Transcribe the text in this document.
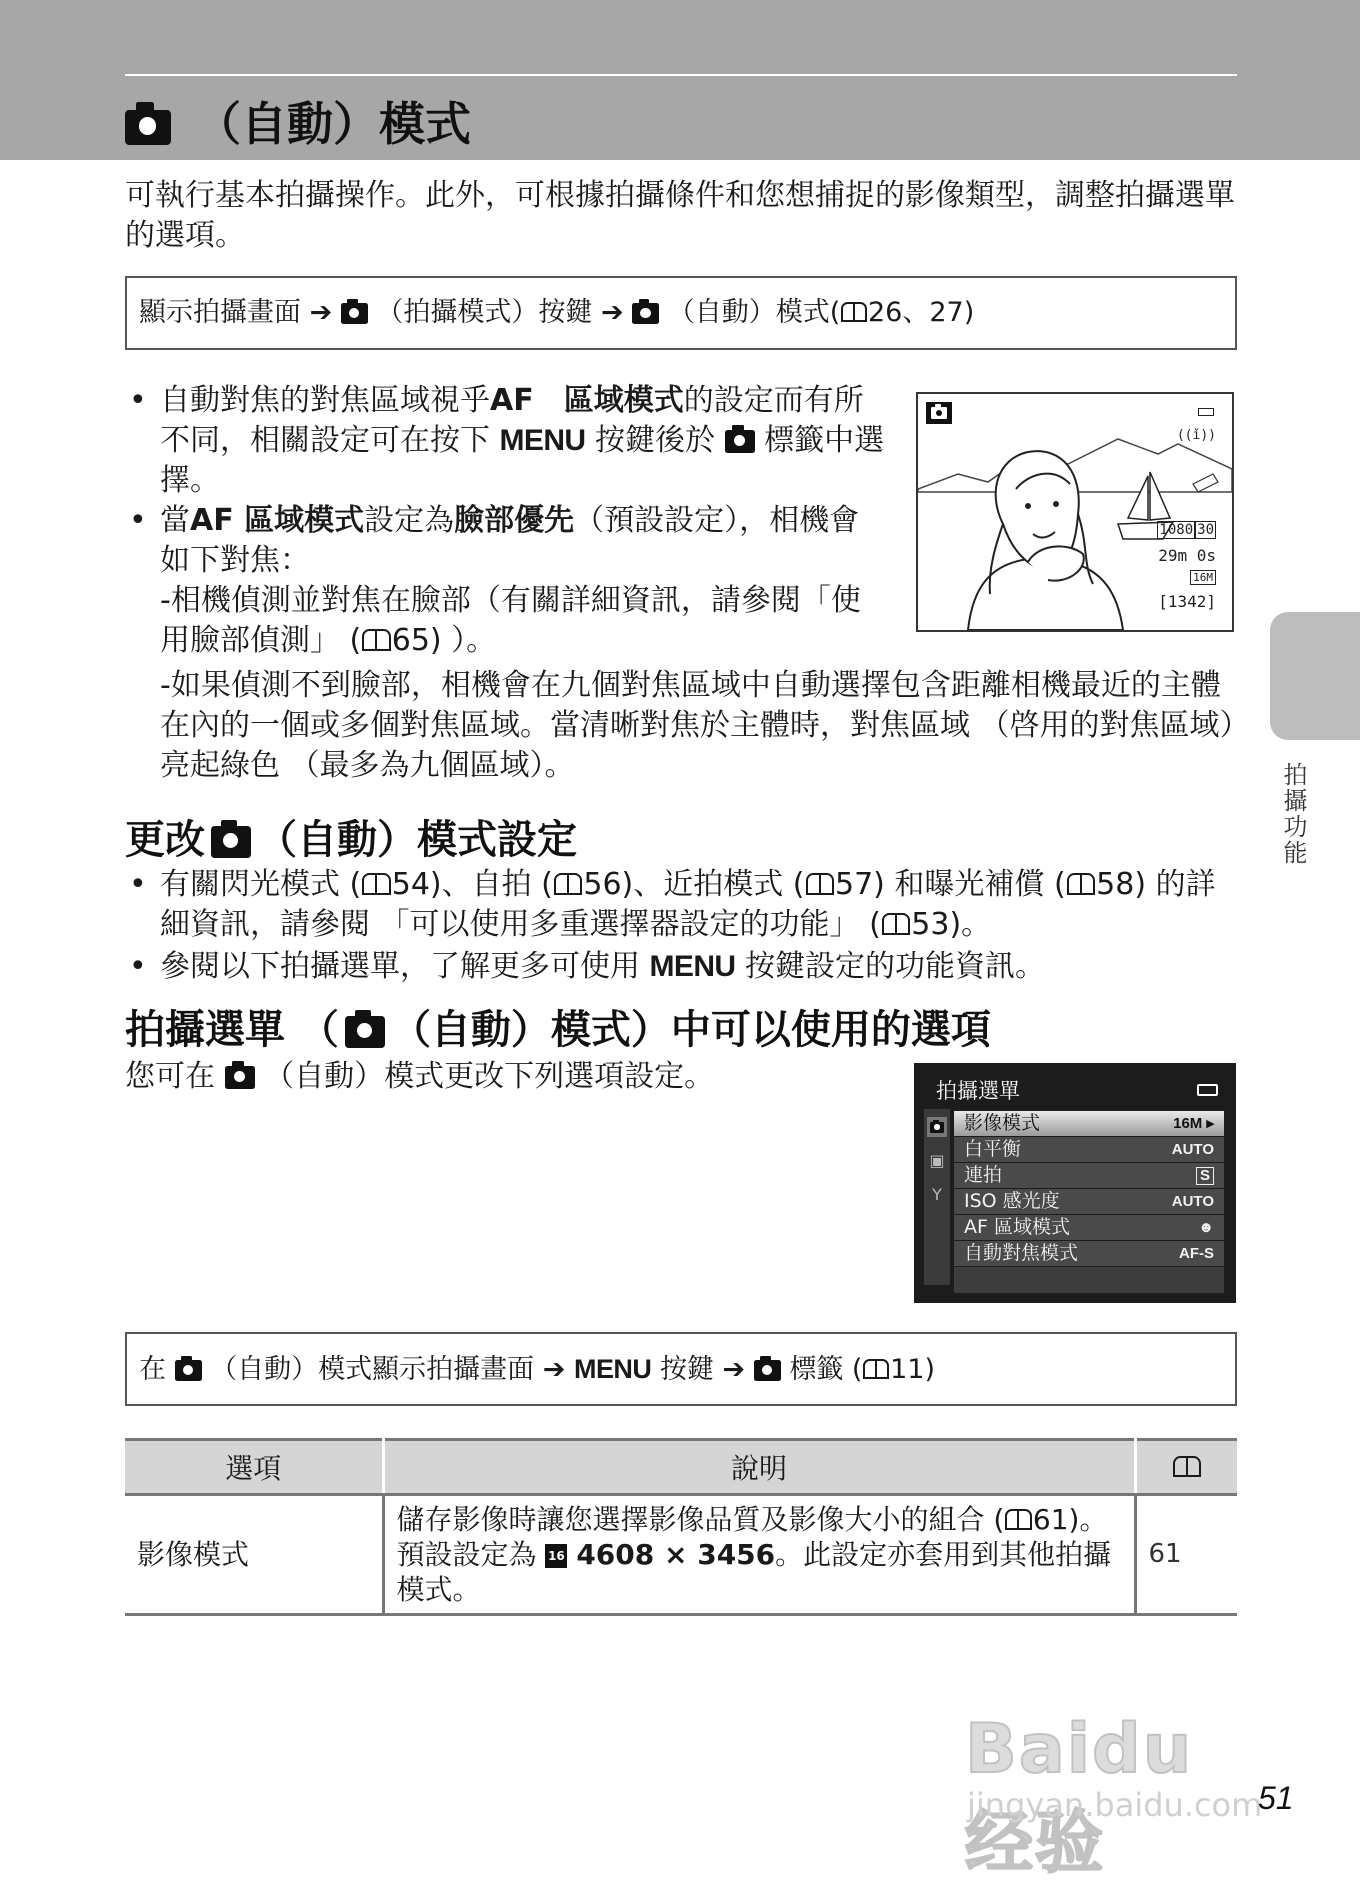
（自動）模式
可執行基本拍攝操作。此外，可根據拍攝條件和您想捕捉的影像類型，調整拍攝選單的選項。
顯示拍攝畫面 ➔ （拍攝模式）按鍵 ➔ （自動）模式( 26、27)
• 自動對焦的對焦區域視乎AF　區域模式的設定而有所不同，相關設定可在按下 MENU 按鍵後於 標籤中選擇。
• 當AF 區域模式設定為臉部優先（預設設定），相機會如下對焦：
-相機偵測並對焦在臉部（有關詳細資訊，請參閱「使用臉部偵測」 ( 65) ）。
-如果偵測不到臉部，相機會在九個對焦區域中自動選擇包含距離相機最近的主體在內的一個或多個對焦區域。當清晰對焦於主體時，對焦區域 （啓用的對焦區域）亮起綠色 （最多為九個區域）。
((ǐ))
1080 30
29m 0s
16M
[1342]
拍攝功能
更改 （自動）模式設定
• 有關閃光模式 ( 54)、自拍 ( 56)、近拍模式 ( 57) 和曝光補償 ( 58) 的詳細資訊，請參閱 「可以使用多重選擇器設定的功能」 ( 53)。
• 參閱以下拍攝選單，了解更多可使用 MENU 按鍵設定的功能資訊。
拍攝選單 （ （自動）模式）中可以使用的選項
您可在 （自動）模式更改下列選項設定。	拍攝選單
▣
Y
影像模式	16M ▸
白平衡	AUTO
連拍	S
ISO 感光度	AUTO
AF 區域模式	☻
自動對焦模式	AF-S
在 （自動）模式顯示拍攝畫面 ➔ MENU 按鍵 ➔ 標籤 ( 11)
選項	說明	
影像模式	儲存影像時讓您選擇影像品質及影像大小的組合 ( 61)。預設設定為 16 4608 × 3456。此設定亦套用到其他拍攝模式。	61
Baidu 经验
jingyan.baidu.com
51
